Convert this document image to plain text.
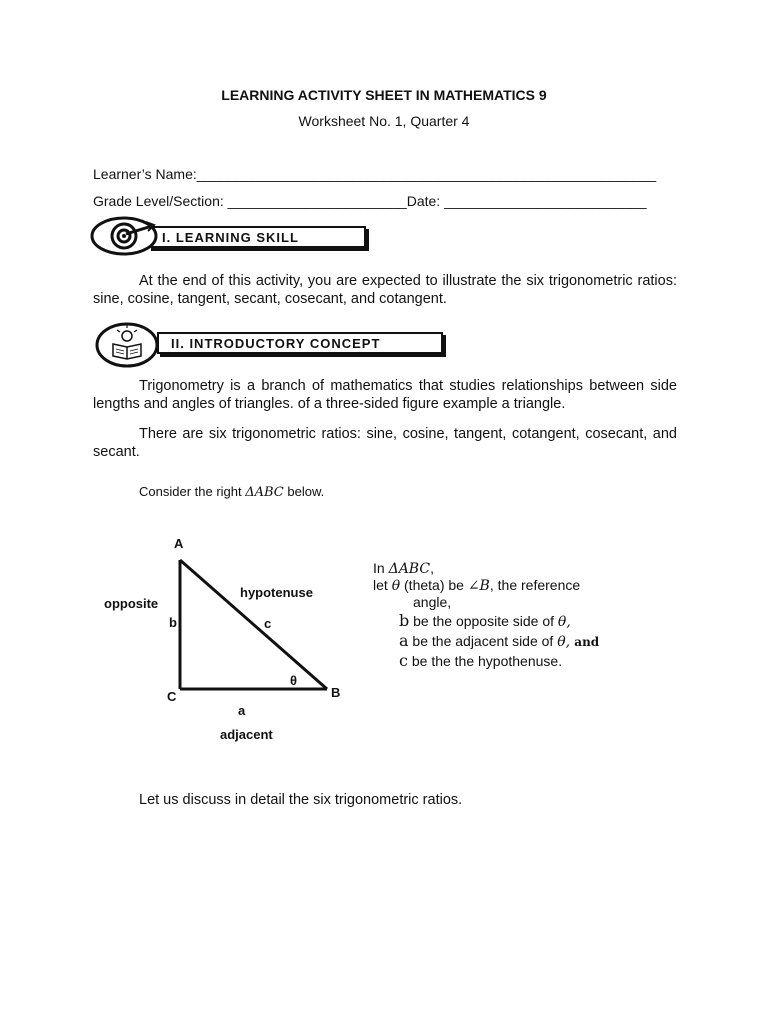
LEARNING ACTIVITY SHEET IN MATHEMATICS 9
Worksheet No. 1, Quarter 4
Learner’s Name:___________________________________________________________
Grade Level/Section: _______________________Date: __________________________
I. LEARNING SKILL

At the end of this activity, you are expected to illustrate the six trigonometric ratios: sine, cosine, tangent, secant, cosecant, and cotangent.

II. INTRODUCTORY CONCEPT

Trigonometry is a branch of mathematics that studies relationships between side lengths and angles of triangles. of a three-sided figure example a triangle.

There are six trigonometric ratios: sine, cosine, tangent, cotangent, cosecant, and secant.

Consider the right ΔABC below.
A
B
C
opposite
b
hypotenuse
c
θ
a
adjacent
In ΔABC,
let θ (theta) be ∠B, the reference
angle,
b be the opposite side of θ,
a be the adjacent side of θ, and
c be the the hypothenuse.
Let us discuss in detail the six trigonometric ratios.
